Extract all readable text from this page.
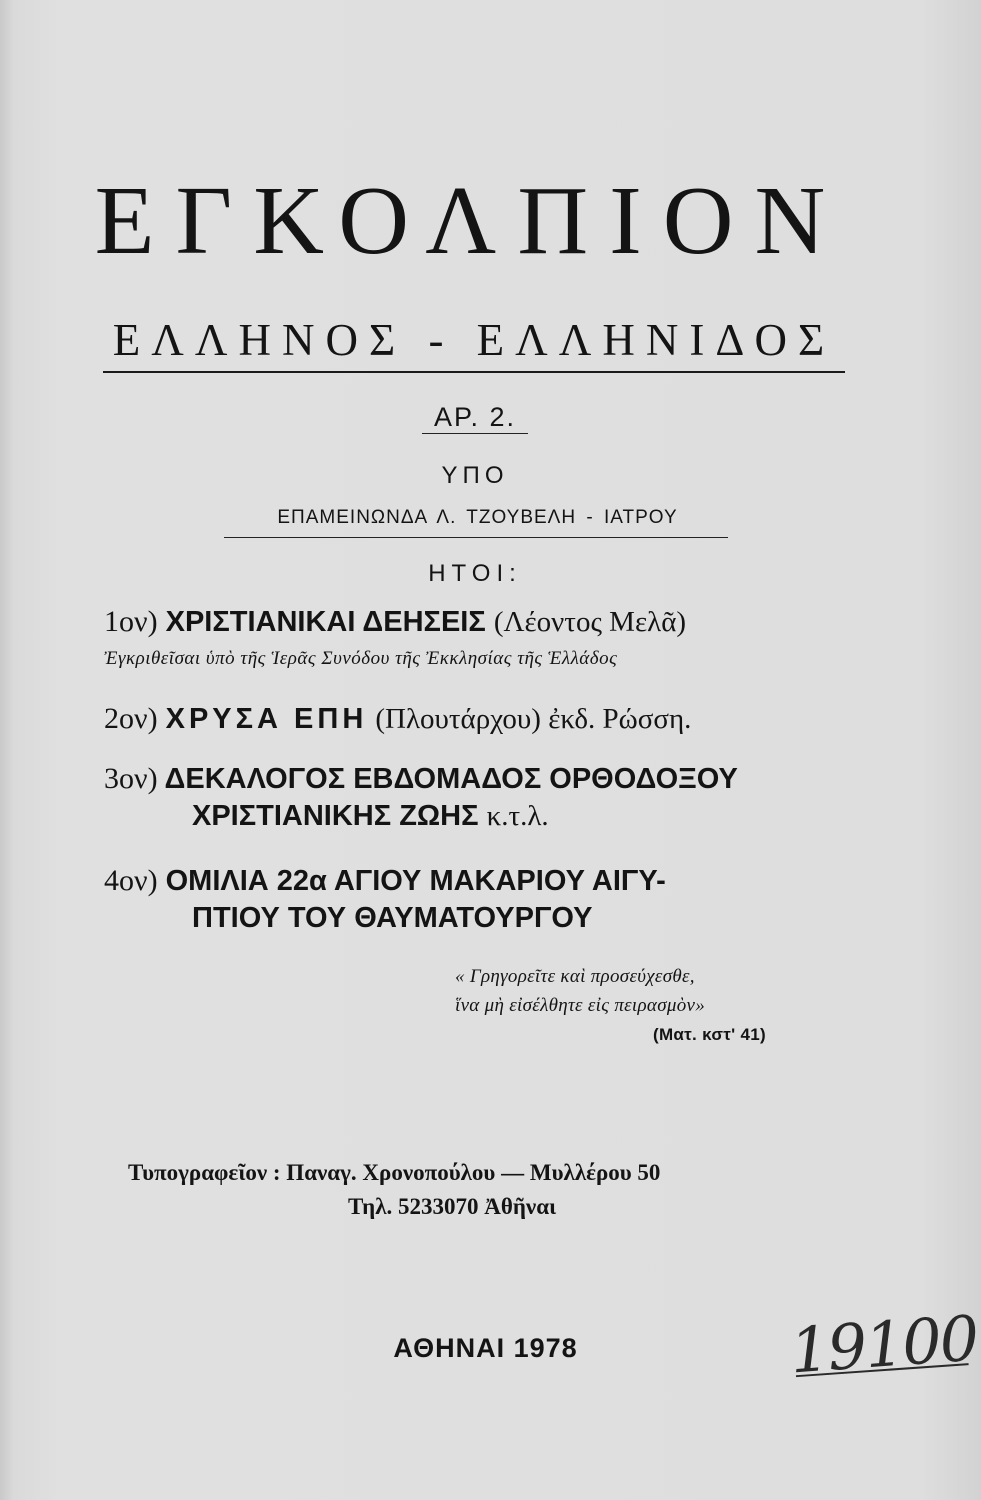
ΕΓΚΟΛΠΙΟΝ
ΕΛΛΗΝΟΣ - ΕΛΛΗΝΙΔΟΣ
ΑΡ. 2.
ΥΠΟ
ΕΠΑΜΕΙΝΩΝΔΑ Λ. ΤΖΟΥΒΕΛΗ - ΙΑΤΡΟΥ
ΗΤΟΙ:
1ον) ΧΡΙΣΤΙΑΝΙΚΑΙ ΔΕΗΣΕΙΣ (Λέοντος Μελᾶ)
Ἐγκριθεῖσαι ὑπὸ τῆς Ἱερᾶς Συνόδου τῆς Ἐκκλησίας τῆς Ἑλλάδος
2ον) ΧΡΥΣΑ ΕΠΗ (Πλουτάρχου) ἐκδ. Ρώσση.
3ον) ΔΕΚΑΛΟΓΟΣ ΕΒΔΟΜΑΔΟΣ ΟΡΘΟΔΟΞΟΥ
ΧΡΙΣΤΙΑΝΙΚΗΣ ΖΩΗΣ κ.τ.λ.
4ον) ΟΜΙΛΙΑ 22α ΑΓΙΟΥ ΜΑΚΑΡΙΟΥ ΑΙΓΥ-
ΠΤΙΟΥ ΤΟΥ ΘΑΥΜΑΤΟΥΡΓΟΥ
« Γρηγορεῖτε καὶ προσεύχεσθε,
ἵνα μὴ εἰσέλθητε εἰς πειρασμὸν»
(Ματ. κστ' 41)
Τυπογραφεῖον : Παναγ. Χρονοπούλου — Μυλλέρου 50
Τηλ. 5233070 Ἀθῆναι
ΑΘΗΝΑΙ 1978	19100
